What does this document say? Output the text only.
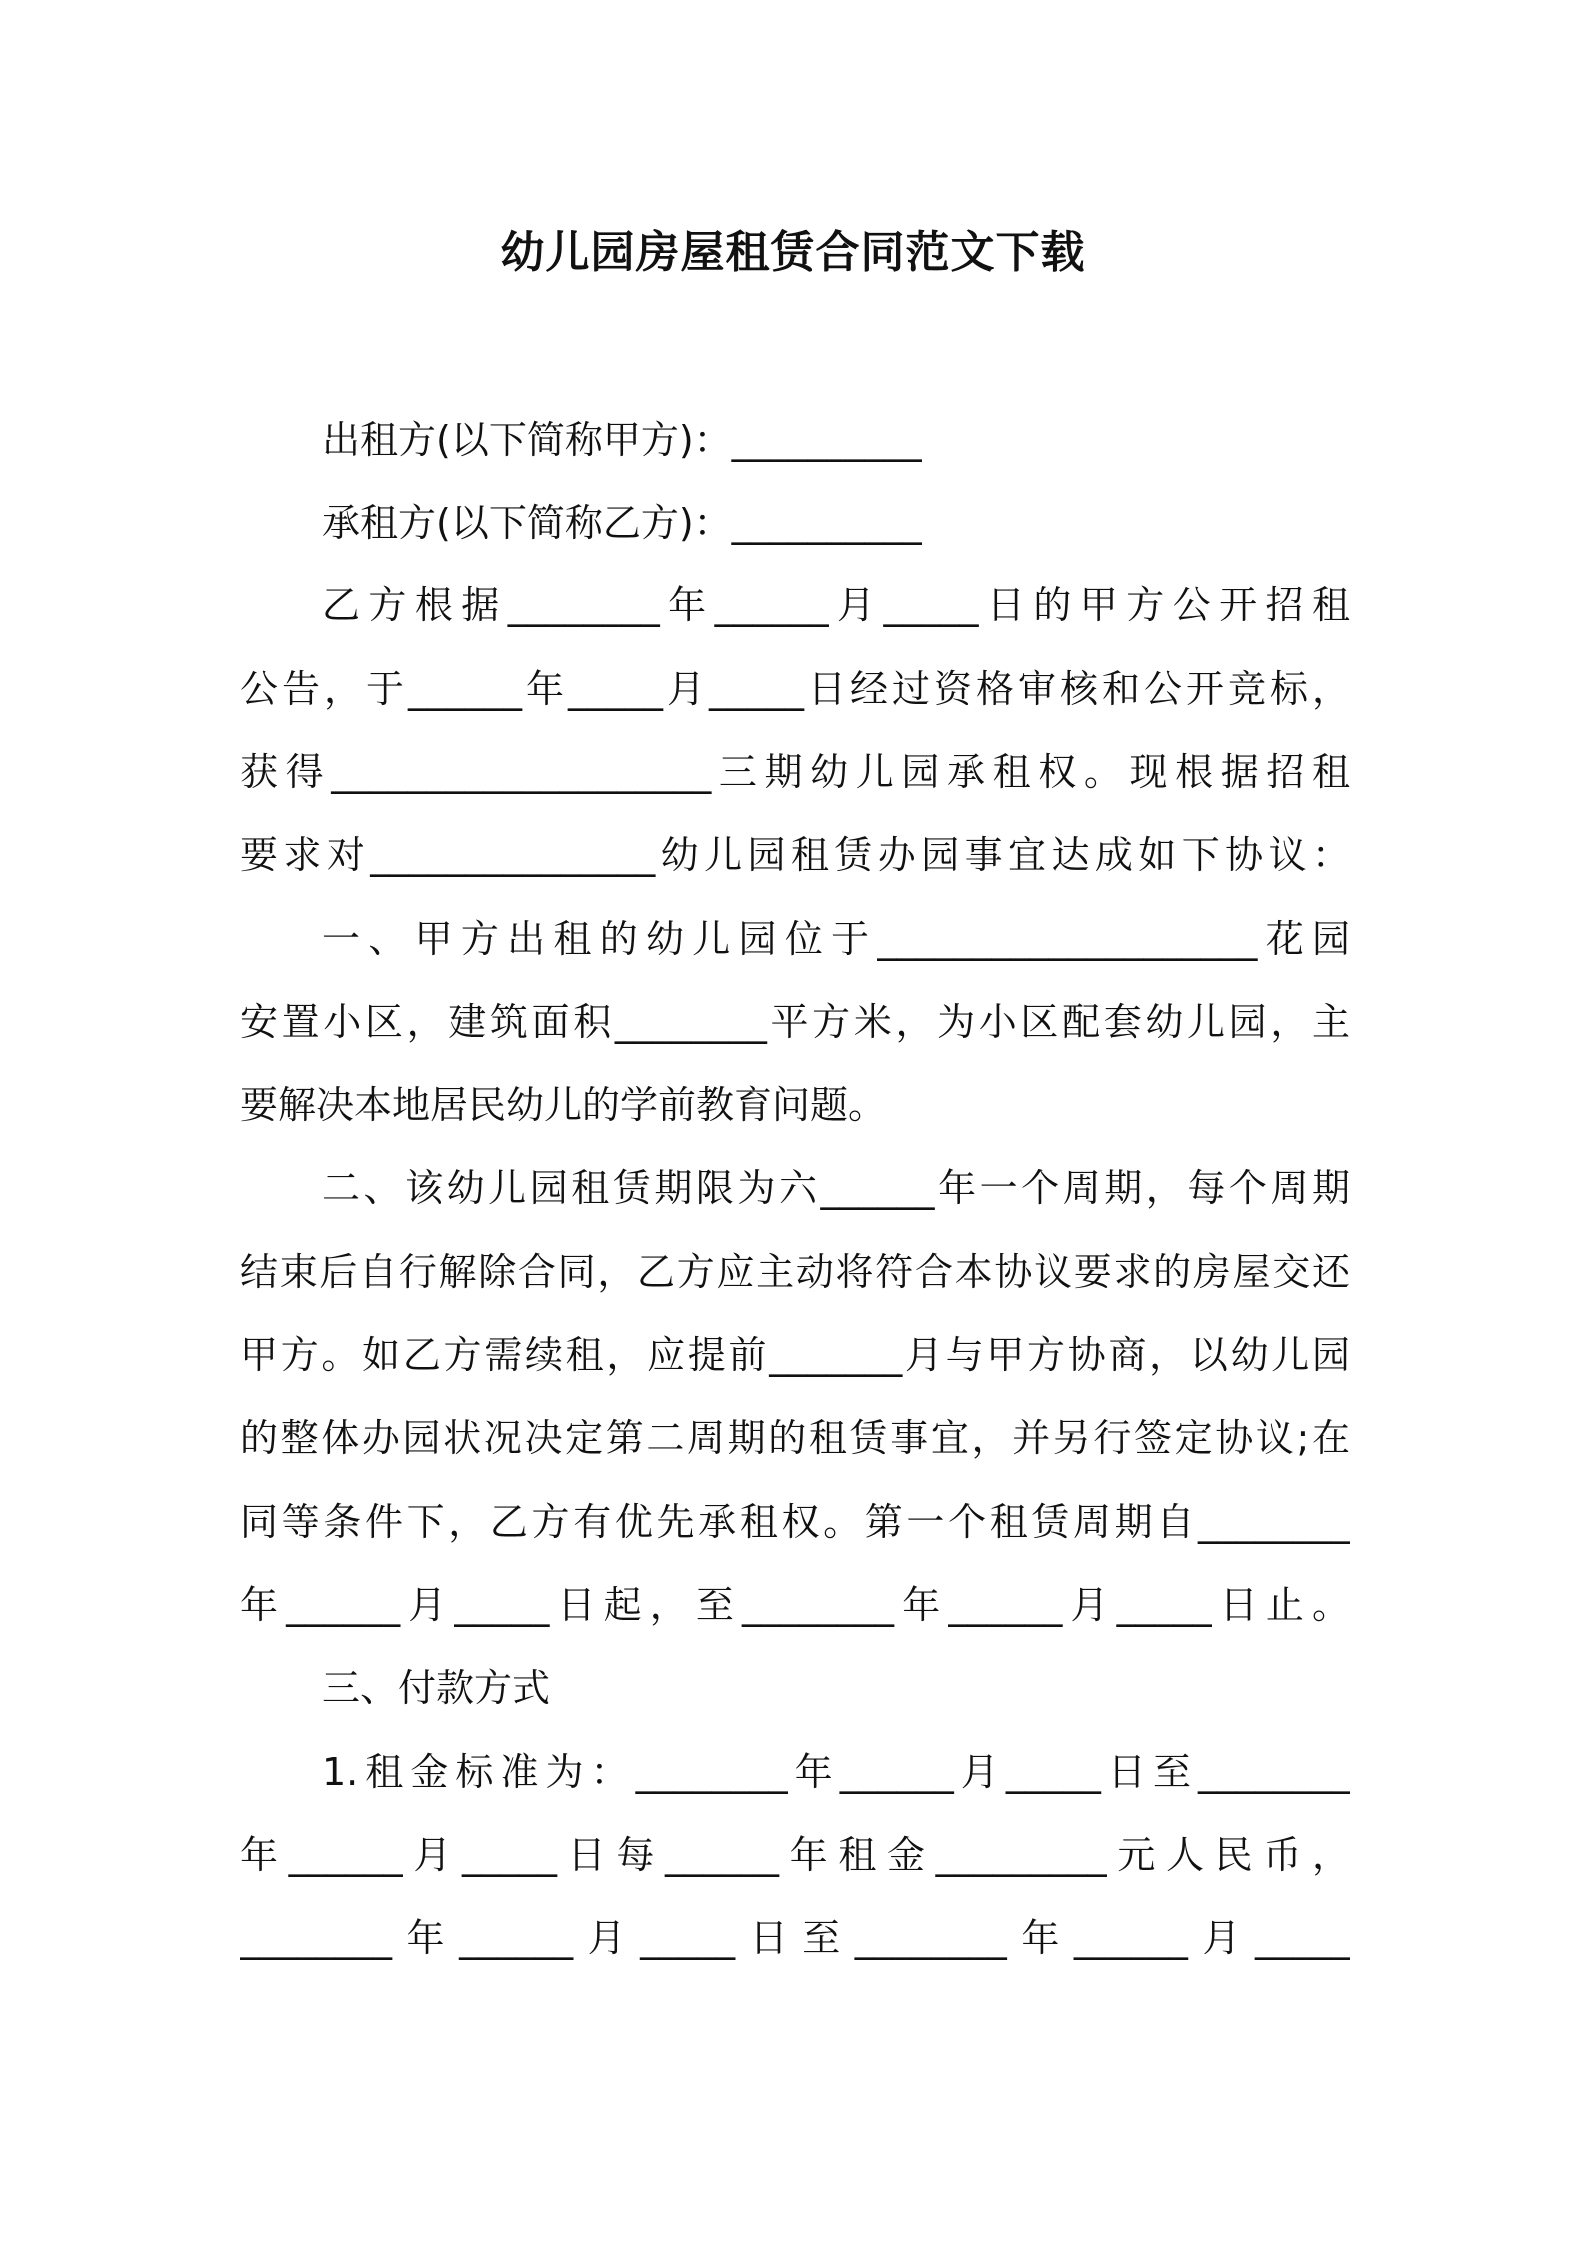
幼儿园房屋租赁合同范文下载

出租方(以下简称甲方)：__________

承租方(以下简称乙方)：__________

乙方根据________年______月_____日的甲方公开招租

公告，于______年_____月_____日经过资格审核和公开竞标，

获得____________________三期幼儿园承租权。现根据招租

要求对_______________幼儿园租赁办园事宜达成如下协议：

一、甲方出租的幼儿园位于____________________花园

安置小区，建筑面积________平方米，为小区配套幼儿园，主

要解决本地居民幼儿的学前教育问题。

二、该幼儿园租赁期限为六______年一个周期，每个周期

结束后自行解除合同，乙方应主动将符合本协议要求的房屋交还

甲方。如乙方需续租，应提前_______月与甲方协商，以幼儿园

的整体办园状况决定第二周期的租赁事宜，并另行签定协议;在

同等条件下，乙方有优先承租权。第一个租赁周期自________

年______月_____日起，至________年______月_____日止。

三、付款方式

1.租金标准为：________年______月_____日至________

年______月_____日每______年租金_________元人民币，

________年______月_____日至________年______月_____
